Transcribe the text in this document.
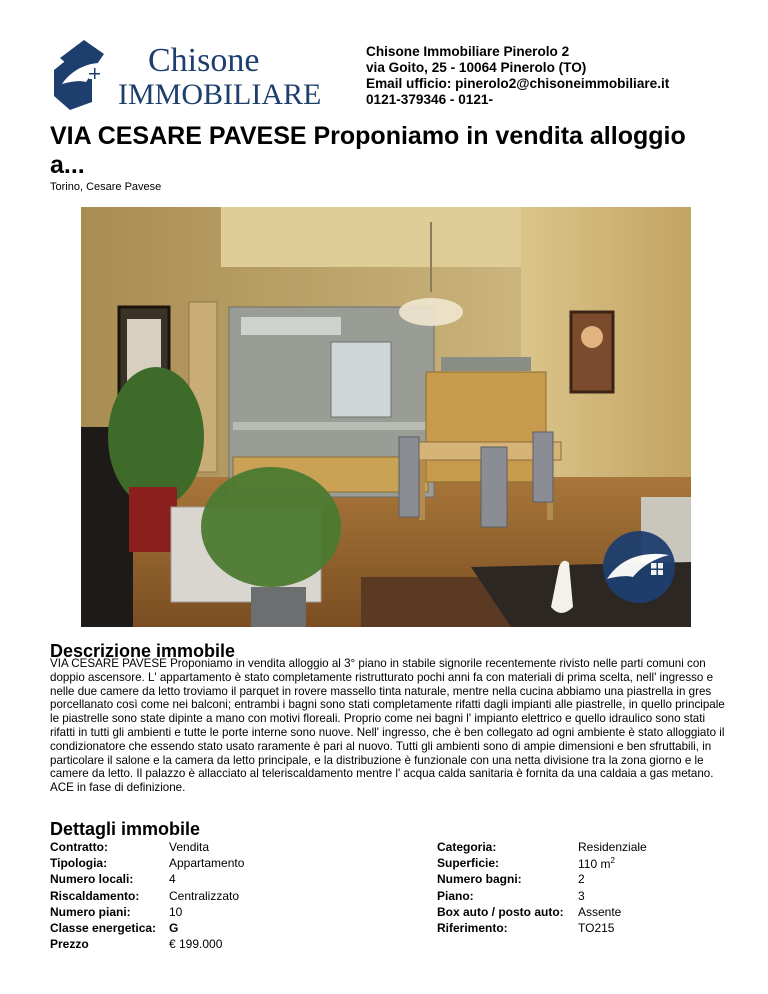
Chisone
IMMOBILIARE
Chisone Immobiliare Pinerolo 2
via Goito, 25 - 10064 Pinerolo (TO)
Email ufficio: pinerolo2@chisoneimmobiliare.it
0121-379346 - 0121-
VIA CESARE PAVESE Proponiamo in vendita alloggio a...
Torino, Cesare Pavese
Descrizione immobile

VIA CESARE PAVESE Proponiamo in vendita alloggio al 3° piano in stabile signorile recentemente rivisto nelle parti comuni con doppio ascensore. L' appartamento è stato completamente ristrutturato pochi anni fa con materiali di prima scelta, nell' ingresso e nelle due camere da letto troviamo il parquet in rovere massello tinta naturale, mentre nella cucina abbiamo una piastrella in gres porcellanato così come nei balconi; entrambi i bagni sono stati completamente rifatti dagli impianti alle piastrelle, in quello principale le piastrelle sono state dipinte a mano con motivi floreali. Proprio come nei bagni l' impianto elettrico e quello idraulico sono stati rifatti in tutti gli ambienti e tutte le porte interne sono nuove. Nell' ingresso, che è ben collegato ad ogni ambiente è stato alloggiato il condizionatore che essendo stato usato raramente è pari al nuovo. Tutti gli ambienti sono di ampie dimensioni e ben sfruttabili, in particolare il salone e la camera da letto principale, e la distribuzione è funzionale con una netta divisione tra la zona giorno e le camere da letto. Il palazzo è allacciato al teleriscaldamento mentre l' acqua calda sanitaria è fornita da una caldaia a gas metano. ACE in fase di definizione.

Dettagli immobile
Contratto:	Vendita
Tipologia:	Appartamento
Numero locali:	4
Riscaldamento:	Centralizzato
Numero piani:	10
Classe energetica:	G
Prezzo	€ 199.000
Categoria:	Residenziale
Superficie:	110 $m^2$
Numero bagni:	2
Piano:	3
Box auto / posto auto:	Assente
Riferimento:	TO215
